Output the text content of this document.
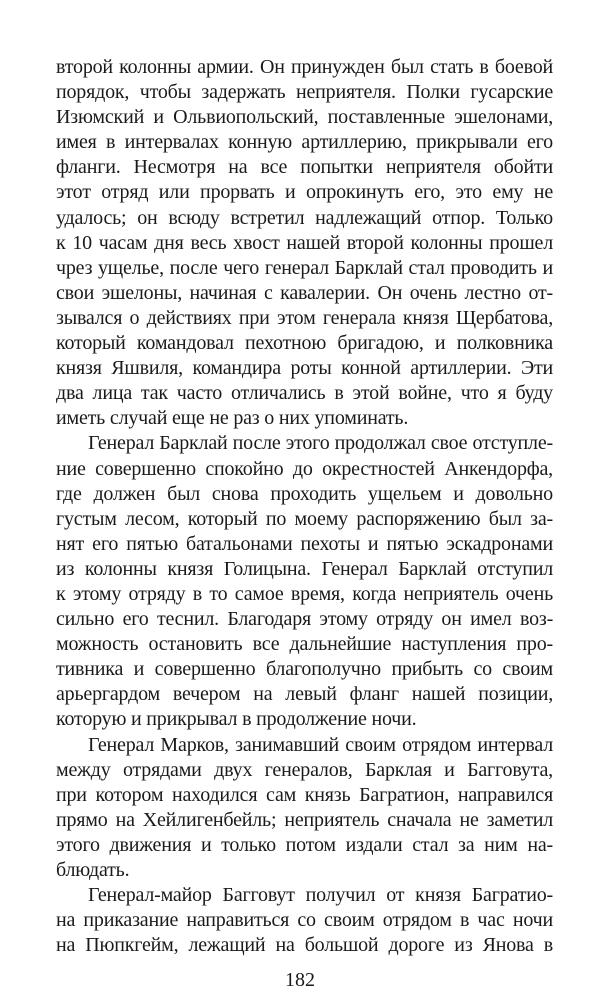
второй колонны армии. Он принужден был стать в боевой
порядок, чтобы задержать неприятеля. Полки гусарские
Изюмский и Ольвиопольский, поставленные эшелонами,
имея в интервалах конную артиллерию, прикрывали его
фланги. Несмотря на все попытки неприятеля обойти
этот отряд или прорвать и опрокинуть его, это ему не
удалось; он всюду встретил надлежащий отпор. Только
к 10 часам дня весь хвост нашей второй колонны прошел
чрез ущелье, после чего генерал Барклай стал проводить и
свои эшелоны, начиная с кавалерии. Он очень лестно от-
зывался о действиях при этом генерала князя Щербатова,
который командовал пехотною бригадою, и полковника
князя Яшвиля, командира роты конной артиллерии. Эти
два лица так часто отличались в этой войне, что я буду
иметь случай еще не раз о них упоминать.
Генерал Барклай после этого продолжал свое отступле-
ние совершенно спокойно до окрестностей Анкендорфа,
где должен был снова проходить ущельем и довольно
густым лесом, который по моему распоряжению был за-
нят его пятью батальонами пехоты и пятью эскадронами
из колонны князя Голицына. Генерал Барклай отступил
к этому отряду в то самое время, когда неприятель очень
сильно его теснил. Благодаря этому отряду он имел воз-
можность остановить все дальнейшие наступления про-
тивника и совершенно благополучно прибыть со своим
арьергардом вечером на левый фланг нашей позиции,
которую и прикрывал в продолжение ночи.
Генерал Марков, занимавший своим отрядом интервал
между отрядами двух генералов, Барклая и Багговута,
при котором находился сам князь Багратион, направился
прямо на Хейлигенбейль; неприятель сначала не заметил
этого движения и только потом издали стал за ним на-
блюдать.
Генерал-майор Багговут получил от князя Багратио-
на приказание направиться со своим отрядом в час ночи
на Пюпкгейм, лежащий на большой дороге из Янова в
182
